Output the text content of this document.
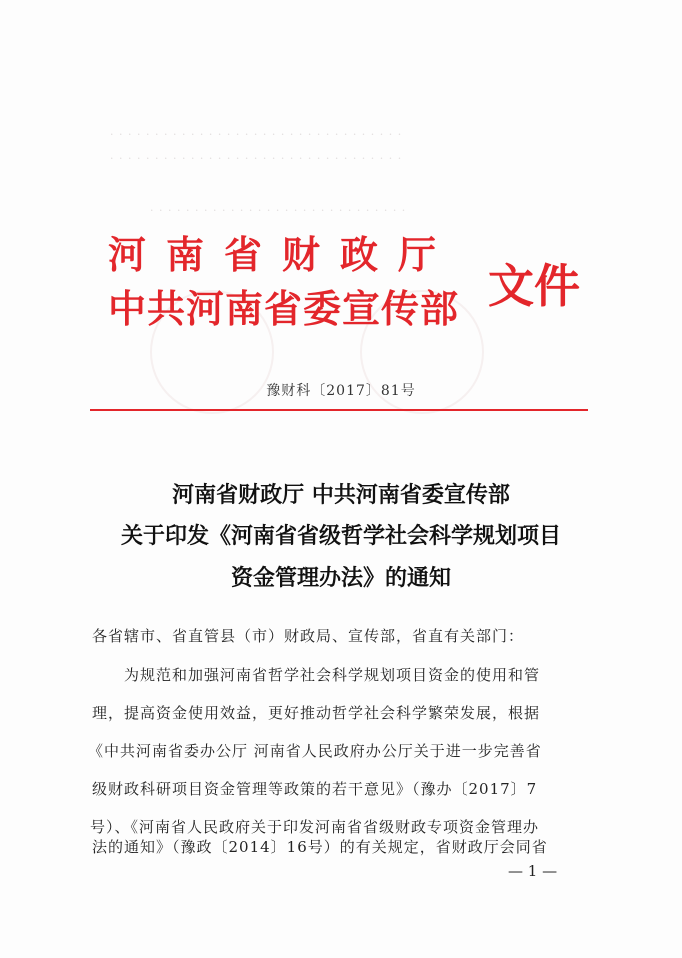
· · · · · · · · · · · · · · · · · · · · · · · · · · · · · · · · ·
· · · · · · · · · · · · · · · · · · · · · · · · · · · · · · · · ·
· · · · · · · · · · · · · · · · · · · · · · · · · · · · ·
河南省财政厅
中共河南省委宣传部 文件
豫财科〔2017〕81号
河南省财政厅 中共河南省委宣传部
关于印发《河南省省级哲学社会科学规划项目
资金管理办法》的通知
各省辖市、省直管县（市）财政局、宣传部，省直有关部门：
为规范和加强河南省哲学社会科学规划项目资金的使用和管
理，提高资金使用效益，更好推动哲学社会科学繁荣发展，根据
《中共河南省委办公厅 河南省人民政府办公厅关于进一步完善省
级财政科研项目资金管理等政策的若干意见》（豫办〔2017〕7
号）、《河南省人民政府关于印发河南省省级财政专项资金管理办
法的通知》（豫政〔2014〕16号）的有关规定，省财政厅会同省
— 1 —
